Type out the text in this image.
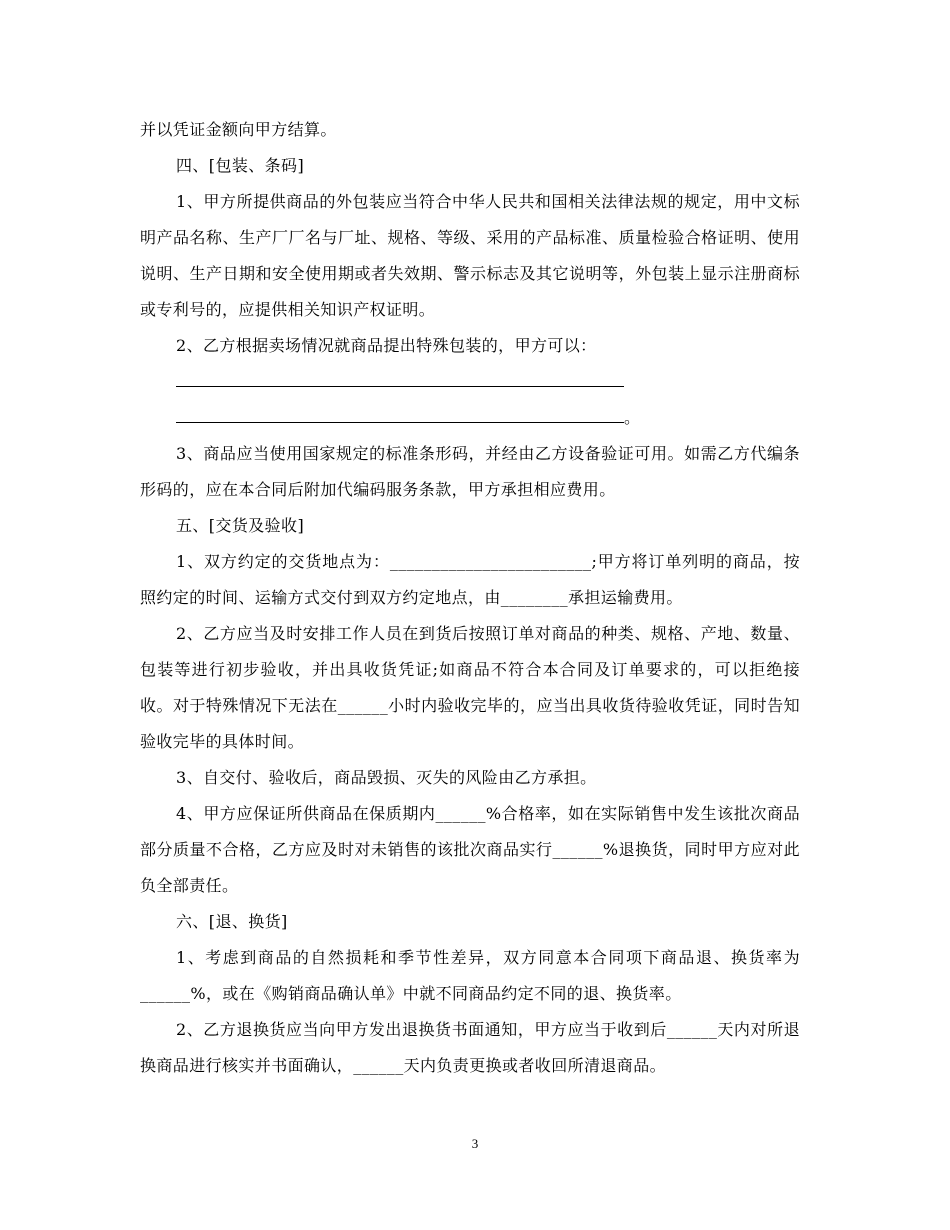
并以凭证金额向甲方结算。

四、[包装、条码]

1、甲方所提供商品的外包装应当符合中华人民共和国相关法律法规的规定，用中文标明产品名称、生产厂厂名与厂址、规格、等级、采用的产品标准、质量检验合格证明、使用说明、生产日期和安全使用期或者失效期、警示标志及其它说明等，外包装上显示注册商标或专利号的，应提供相关知识产权证明。

2、乙方根据卖场情况就商品提出特殊包装的，甲方可以：

。

3、商品应当使用国家规定的标准条形码，并经由乙方设备验证可用。如需乙方代编条形码的，应在本合同后附加代编码服务条款，甲方承担相应费用。

五、[交货及验收]

1、双方约定的交货地点为：________________________;甲方将订单列明的商品，按照约定的时间、运输方式交付到双方约定地点，由________承担运输费用。

2、乙方应当及时安排工作人员在到货后按照订单对商品的种类、规格、产地、数量、包装等进行初步验收，并出具收货凭证;如商品不符合本合同及订单要求的，可以拒绝接收。对于特殊情况下无法在______小时内验收完毕的，应当出具收货待验收凭证，同时告知验收完毕的具体时间。

3、自交付、验收后，商品毁损、灭失的风险由乙方承担。

4、甲方应保证所供商品在保质期内______%合格率，如在实际销售中发生该批次商品部分质量不合格，乙方应及时对未销售的该批次商品实行______%退换货，同时甲方应对此负全部责任。

六、[退、换货]

1、考虑到商品的自然损耗和季节性差异，双方同意本合同项下商品退、换货率为______%，或在《购销商品确认单》中就不同商品约定不同的退、换货率。

2、乙方退换货应当向甲方发出退换货书面通知，甲方应当于收到后______天内对所退换商品进行核实并书面确认，______天内负责更换或者收回所清退商品。

3
